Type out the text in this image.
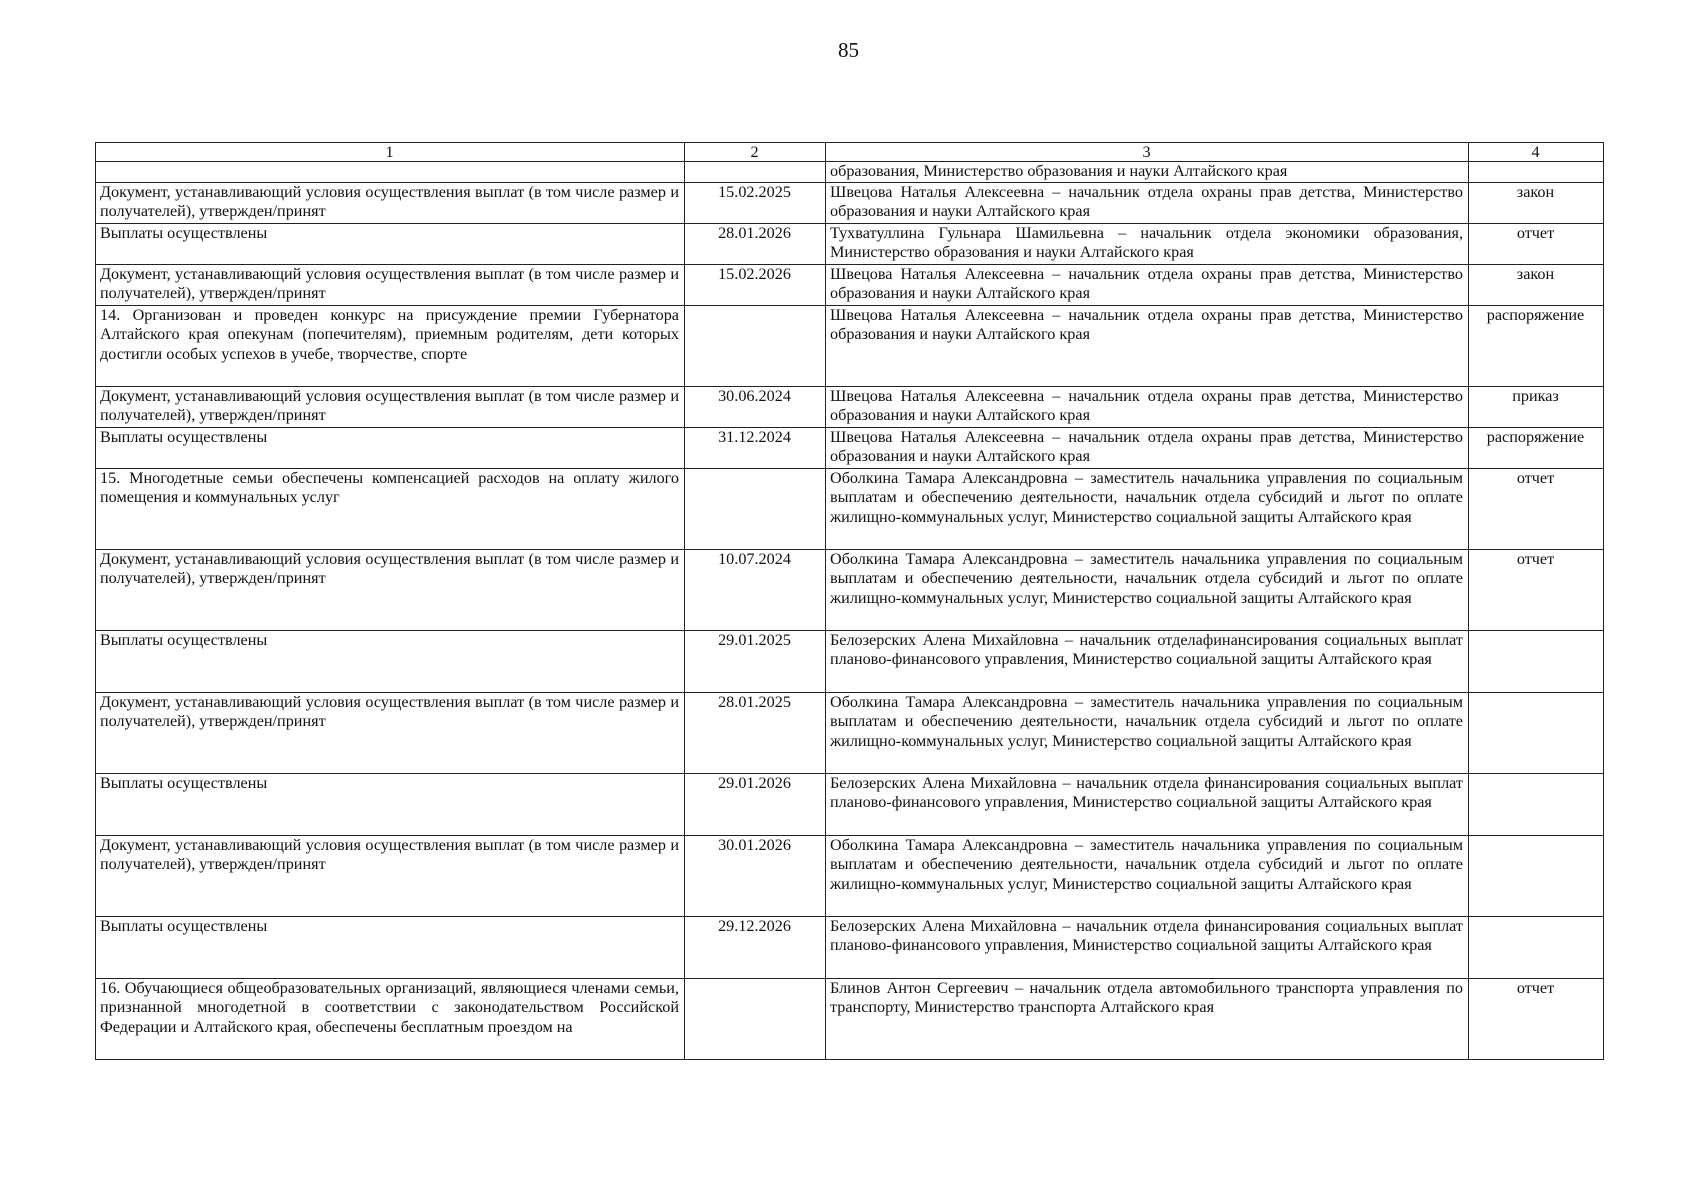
85
1	2	3	4
		образования, Министерство образования и науки Алтайского края	
Документ, устанавливающий условия осуществления выплат (в том числе размер и получателей), утвержден/принят	15.02.2025	Швецова Наталья Алексеевна – начальник отдела охраны прав детства, Министерство образования и науки Алтайского края	закон
Выплаты осуществлены	28.01.2026	Тухватуллина Гульнара Шамильевна – начальник отдела экономики образования, Министерство образования и науки Алтайского края	отчет
Документ, устанавливающий условия осуществления выплат (в том числе размер и получателей), утвержден/принят	15.02.2026	Швецова Наталья Алексеевна – начальник отдела охраны прав детства, Министерство образования и науки Алтайского края	закон
14. Организован и проведен конкурс на присуждение премии Губернатора Алтайского края опекунам (попечителям), приемным родителям, дети которых достигли особых успехов в учебе, творчестве, спорте		Швецова Наталья Алексеевна – начальник отдела охраны прав детства, Министерство образования и науки Алтайского края	распоряжение
Документ, устанавливающий условия осуществления выплат (в том числе размер и получателей), утвержден/принят	30.06.2024	Швецова Наталья Алексеевна – начальник отдела охраны прав детства, Министерство образования и науки Алтайского края	приказ
Выплаты осуществлены	31.12.2024	Швецова Наталья Алексеевна – начальник отдела охраны прав детства, Министерство образования и науки Алтайского края	распоряжение
15. Многодетные семьи обеспечены компенсацией расходов на оплату жилого помещения и коммунальных услуг		Оболкина Тамара Александровна – заместитель начальника управления по социальным выплатам и обеспечению деятельности, начальник отдела субсидий и льгот по оплате жилищно-коммунальных услуг, Министерство социальной защиты Алтайского края	отчет
Документ, устанавливающий условия осуществления выплат (в том числе размер и получателей), утвержден/принят	10.07.2024	Оболкина Тамара Александровна – заместитель начальника управления по социальным выплатам и обеспечению деятельности, начальник отдела субсидий и льгот по оплате жилищно-коммунальных услуг, Министерство социальной защиты Алтайского края	отчет
Выплаты осуществлены	29.01.2025	Белозерских Алена Михайловна – начальник отделафинансирования социальных выплат планово-финансового управления, Министерство социальной защиты Алтайского края	
Документ, устанавливающий условия осуществления выплат (в том числе размер и получателей), утвержден/принят	28.01.2025	Оболкина Тамара Александровна – заместитель начальника управления по социальным выплатам и обеспечению деятельности, начальник отдела субсидий и льгот по оплате жилищно-коммунальных услуг, Министерство социальной защиты Алтайского края	
Выплаты осуществлены	29.01.2026	Белозерских Алена Михайловна – начальник отдела финансирования социальных выплат планово-финансового управления, Министерство социальной защиты Алтайского края	
Документ, устанавливающий условия осуществления выплат (в том числе размер и получателей), утвержден/принят	30.01.2026	Оболкина Тамара Александровна – заместитель начальника управления по социальным выплатам и обеспечению деятельности, начальник отдела субсидий и льгот по оплате жилищно-коммунальных услуг, Министерство социальной защиты Алтайского края	
Выплаты осуществлены	29.12.2026	Белозерских Алена Михайловна – начальник отдела финансирования социальных выплат планово-финансового управления, Министерство социальной защиты Алтайского края	
16. Обучающиеся общеобразовательных организаций, являющиеся членами семьи, признанной многодетной в соответствии с законодательством Российской Федерации и Алтайского края, обеспечены бесплатным проездом на		Блинов Антон Сергеевич – начальник отдела автомобильного транспорта управления по транспорту, Министерство транспорта Алтайского края	отчет
